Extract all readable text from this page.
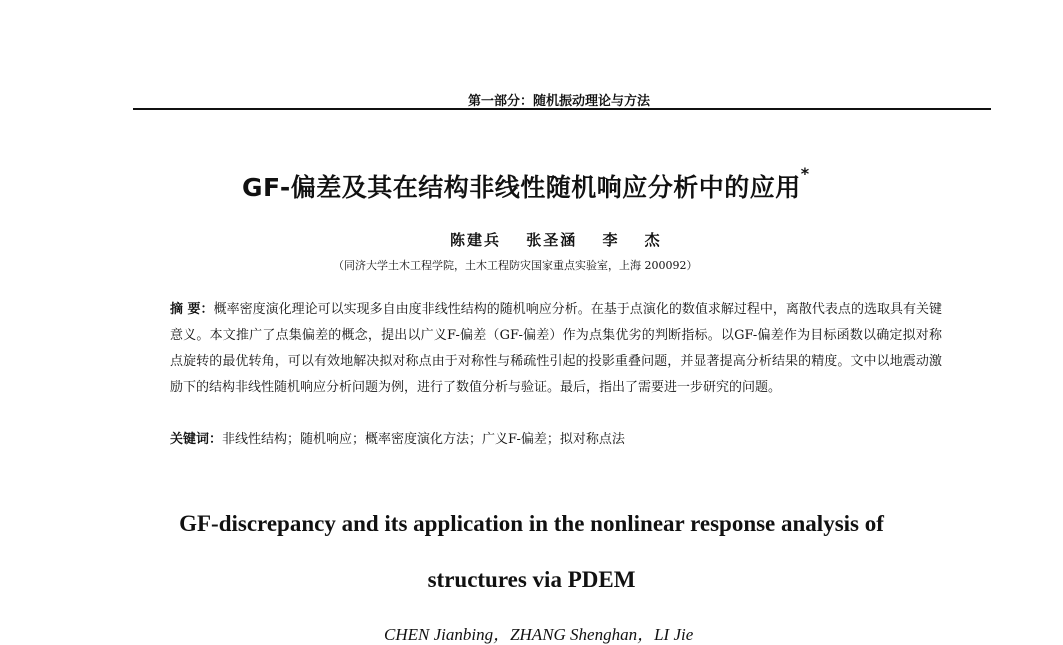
第一部分：随机振动理论与方法
GF-偏差及其在结构非线性随机响应分析中的应用*
陈建兵 张圣涵 李 杰
（同济大学土木工程学院，土木工程防灾国家重点实验室，上海 200092）

摘 要：概率密度演化理论可以实现多自由度非线性结构的随机响应分析。在基于点演化的数值求解过程中，离散代表点的选取具有关键意义。本文推广了点集偏差的概念，提出以广义F-偏差（GF-偏差）作为点集优劣的判断指标。以GF-偏差作为目标函数以确定拟对称点旋转的最优转角，可以有效地解决拟对称点由于对称性与稀疏性引起的投影重叠问题，并显著提高分析结果的精度。文中以地震动激励下的结构非线性随机响应分析问题为例，进行了数值分析与验证。最后，指出了需要进一步研究的问题。

关键词：非线性结构；随机响应；概率密度演化方法；广义F-偏差；拟对称点法
GF-discrepancy and its application in the nonlinear response analysis of
structures via PDEM
CHEN Jianbing，ZHANG Shenghan，LI Jie
